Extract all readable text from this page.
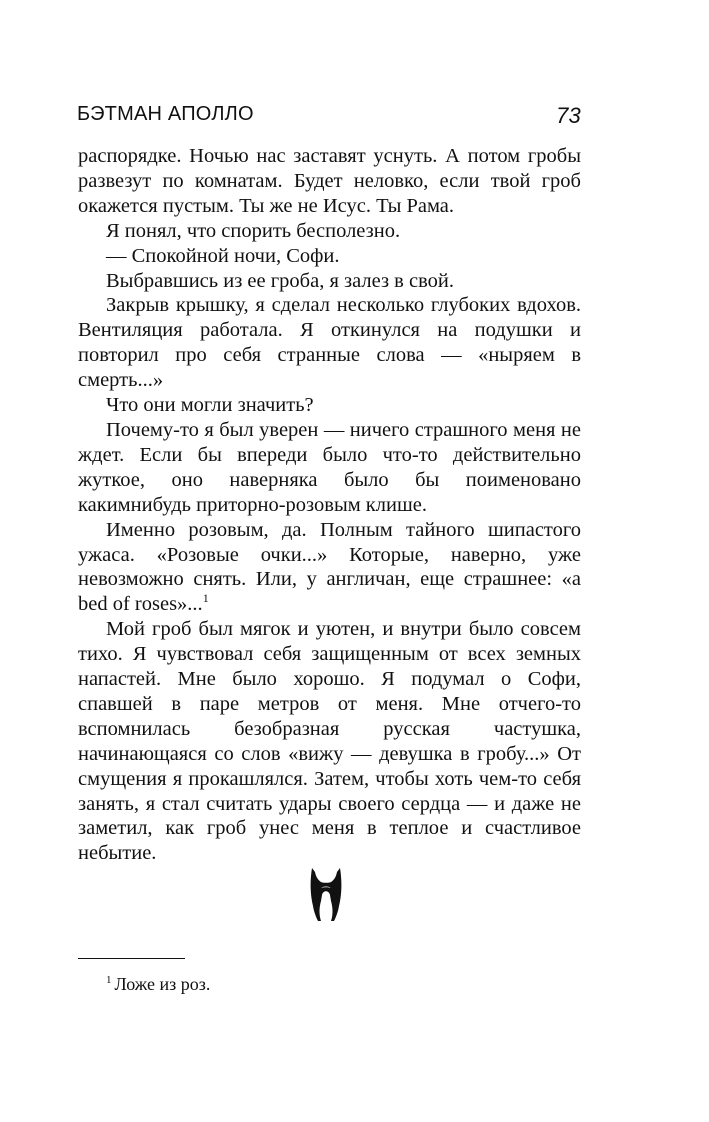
БЭТМАН АПОЛЛО	73

распорядке. Ночью нас заставят уснуть. А потом гробы развезут по комнатам. Будет неловко, если твой гроб окажется пустым. Ты же не Исус. Ты Рама.

Я понял, что спорить бесполезно.

— Спокойной ночи, Софи.

Выбравшись из ее гроба, я залез в свой.

Закрыв крышку, я сделал несколько глубоких вдохов. Вентиляция работала. Я откинулся на подушки и повторил про себя странные слова — «ныряем в смерть...»

Что они могли значить?

Почему-то я был уверен — ничего страшного меня не ждет. Если бы впереди было что-то действительно жуткое, оно наверняка было бы поименовано какимнибудь приторно-розовым клише.

Именно розовым, да. Полным тайного шипастого ужаса. «Розовые очки...» Которые, наверно, уже невозможно снять. Или, у англичан, еще страшнее: «a bed of roses»...$^1$

Мой гроб был мягок и уютен, и внутри было совсем тихо. Я чувствовал себя защищенным от всех земных напастей. Мне было хорошо. Я подумал о Софи, спавшей в паре метров от меня. Мне отчего-то вспомнилась безобразная русская частушка, начинающаяся со слов «вижу — девушка в гробу...» От смущения я прокашлялся. Затем, чтобы хоть чем-то себя занять, я стал считать удары своего сердца — и даже не заметил, как гроб унес меня в теплое и счастливое небытие.

$^1$ Ложе из роз.
